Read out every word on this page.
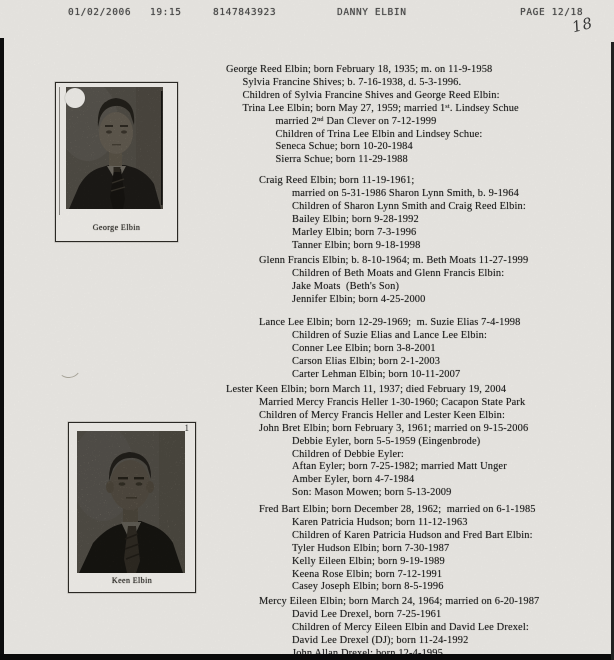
01/02/2006 19:15	8147843923	DANNY ELBIN	PAGE 12/18
18
George Elbin
1
Keen Elbin
George Reed Elbin; born February 18, 1935; m. on 11-9-1958
Sylvia Francine Shives; b. 7-16-1938, d. 5-3-1996.
Children of Sylvia Francine Shives and George Reed Elbin:
Trina Lee Elbin; born May 27, 1959; married 1ˢᵗ. Lindsey Schue
married 2ⁿᵈ Dan Clever on 7-12-1999
Children of Trina Lee Elbin and Lindsey Schue:
Seneca Schue; born 10-20-1984
Sierra Schue; born 11-29-1988
Craig Reed Elbin; born 11-19-1961;
married on 5-31-1986 Sharon Lynn Smith, b. 9-1964
Children of Sharon Lynn Smith and Craig Reed Elbin:
Bailey Elbin; born 9-28-1992
Marley Elbin; born 7-3-1996
Tanner Elbin; born 9-18-1998
Glenn Francis Elbin; b. 8-10-1964; m. Beth Moats 11-27-1999
Children of Beth Moats and Glenn Francis Elbin:
Jake Moats  (Beth's Son)
Jennifer Elbin; born 4-25-2000
Lance Lee Elbin; born 12-29-1969;  m. Suzie Elias 7-4-1998
Children of Suzie Elias and Lance Lee Elbin:
Conner Lee Elbin; born 3-8-2001
Carson Elias Elbin; born 2-1-2003
Carter Lehman Elbin; born 10-11-2007
Lester Keen Elbin; born March 11, 1937; died February 19, 2004
Married Mercy Francis Heller 1-30-1960; Cacapon State Park
Children of Mercy Francis Heller and Lester Keen Elbin:
John Bret Elbin; born February 3, 1961; married on 9-15-2006
Debbie Eyler, born 5-5-1959 (Eingenbrode)
Children of Debbie Eyler:
Aftan Eyler; born 7-25-1982; married Matt Unger
Amber Eyler, born 4-7-1984
Son: Mason Mowen; born 5-13-2009
Fred Bart Elbin; born December 28, 1962;  married on 6-1-1985
Karen Patricia Hudson; born 11-12-1963
Children of Karen Patricia Hudson and Fred Bart Elbin:
Tyler Hudson Elbin; born 7-30-1987
Kelly Eileen Elbin; born 9-19-1989
Keena Rose Elbin; born 7-12-1991
Casey Joseph Elbin; born 8-5-1996
Mercy Eileen Elbin; born March 24, 1964; married on 6-20-1987
David Lee Drexel, born 7-25-1961
Children of Mercy Eileen Elbin and David Lee Drexel:
David Lee Drexel (DJ); born 11-24-1992
